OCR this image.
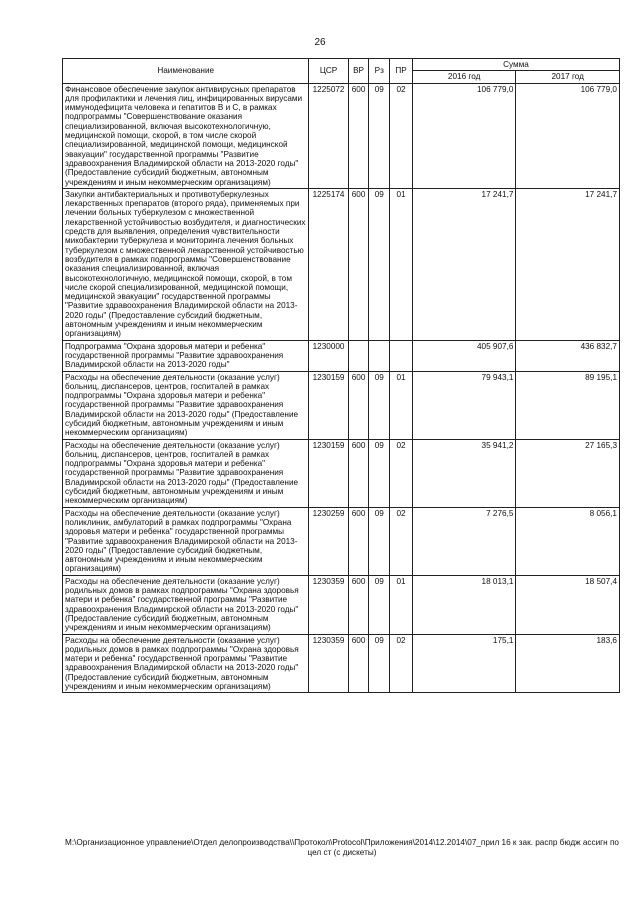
26
Наименование	ЦСР	ВР	Рз	ПР	Сумма	
					2016 год	2017 год
Финансовое обеспечение закупок антивирусных препаратов для профилактики и лечения лиц, инфицированных вирусами иммунодефицита человека и гепатитов В и С, в рамках подпрограммы "Совершенствование оказания специализированной, включая высокотехнологичную, медицинской помощи, скорой, в том числе скорой специализированной, медицинской помощи, медицинской эвакуации" государственной программы "Развитие здравоохранения Владимирской области на 2013-2020 годы" (Предоставление субсидий бюджетным, автономным учреждениям и иным некоммерческим организациям)	1225072	600	09	02	106 779,0	106 779,0
Закупки антибактериальных и противотуберкулезных лекарственных препаратов (второго ряда), применяемых при лечении больных туберкулезом с множественной лекарственной устойчивостью возбудителя, и диагностических средств для выявления, определения чувствительности микобактерии туберкулеза и мониторинга лечения больных туберкулезом с множественной лекарственной устойчивостью возбудителя в рамках подпрограммы "Совершенствование оказания специализированной, включая высокотехнологичную, медицинской помощи, скорой, в том числе скорой специализированной, медицинской помощи, медицинской эвакуации" государственной программы "Развитие здравоохранения Владимирской области на 2013-2020 годы" (Предоставление субсидий бюджетным, автономным учреждениям и иным некоммерческим организациям)	1225174	600	09	01	17 241,7	17 241,7
Подпрограмма "Охрана здоровья матери и ребенка" государственной программы "Развитие здравоохранения Владимирской области на 2013-2020 годы"	1230000				405 907,6	436 832,7
Расходы на обеспечение деятельности (оказание услуг) больниц, диспансеров, центров, госпиталей в рамках подпрограммы "Охрана здоровья матери и ребенка" государственной программы "Развитие здравоохранения Владимирской области на 2013-2020 годы" (Предоставление субсидий бюджетным, автономным учреждениям и иным некоммерческим организациям)	1230159	600	09	01	79 943,1	89 195,1
Расходы на обеспечение деятельности (оказание услуг) больниц, диспансеров, центров, госпиталей в рамках подпрограммы "Охрана здоровья матери и ребенка" государственной программы "Развитие здравоохранения Владимирской области на 2013-2020 годы" (Предоставление субсидий бюджетным, автономным учреждениям и иным некоммерческим организациям)	1230159	600	09	02	35 941,2	27 165,3
Расходы на обеспечение деятельности (оказание услуг) поликлиник, амбулаторий в рамках подпрограммы "Охрана здоровья матери и ребенка" государственной программы "Развитие здравоохранения Владимирской области на 2013-2020 годы" (Предоставление субсидий бюджетным, автономным учреждениям и иным некоммерческим организациям)	1230259	600	09	02	7 276,5	8 056,1
Расходы на обеспечение деятельности (оказание услуг) родильных домов в рамках подпрограммы "Охрана здоровья матери и ребенка" государственной программы "Развитие здравоохранения Владимирской области на 2013-2020 годы" (Предоставление субсидий бюджетным, автономным учреждениям и иным некоммерческим организациям)	1230359	600	09	01	18 013,1	18 507,4
Расходы на обеспечение деятельности (оказание услуг) родильных домов в рамках подпрограммы "Охрана здоровья матери и ребенка" государственной программы "Развитие здравоохранения Владимирской области на 2013-2020 годы" (Предоставление субсидий бюджетным, автономным учреждениям и иным некоммерческим организациям)	1230359	600	09	02	175,1	183,6
M:\Организационное управление\Отдел делопроизводства\\Протокол\Protocol\Приложения\2014\12.2014\07_прил 16 к зак. распр бюдж ассигн по цел ст (с дискеты)
